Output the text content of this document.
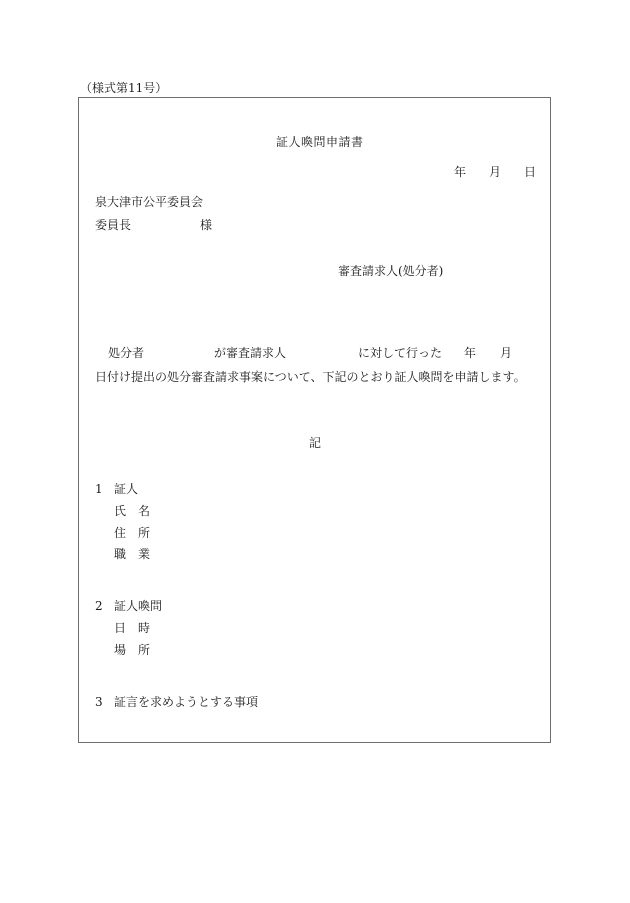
（様式第11号）
証人喚問申請書
年 月 日
泉大津市公平委員会
委員長	様
審査請求人(処分者)
処分者	が審査請求人	に対して行った 年 月
日付け提出の処分審査請求事案について、下記のとおり証人喚問を申請します。
記
1 証人
氏 名
住 所
職 業
2 証人喚問
日 時
場 所
3 証言を求めようとする事項
